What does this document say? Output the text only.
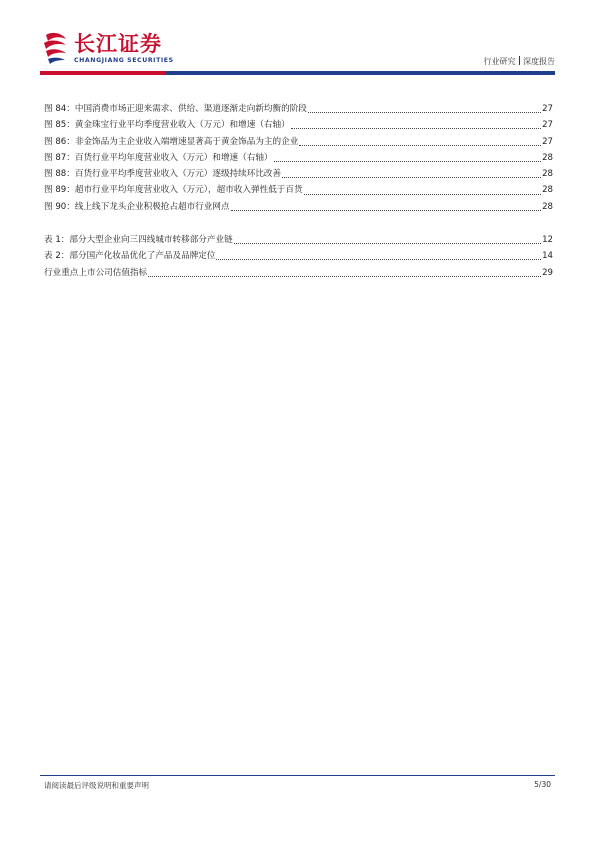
长江证券
CHANGJIANG SECURITIES	行业研究 深度报告
图 84：中国消费市场正迎来需求、供给、渠道逐渐走向新均衡的阶段	27
图 85：黄金珠宝行业平均季度营业收入（万元）和增速（右轴）	27
图 86：非金饰品为主企业收入端增速显著高于黄金饰品为主的企业	27
图 87：百货行业平均年度营业收入（万元）和增速（右轴）	28
图 88：百货行业平均季度营业收入（万元）逐级持续环比改善	28
图 89：超市行业平均年度营业收入（万元），超市收入弹性低于百货	28
图 90：线上线下龙头企业积极抢占超市行业网点	28
表 1：部分大型企业向三四线城市转移部分产业链	12
表 2：部分国产化妆品优化了产品及品牌定位	14
行业重点上市公司估值指标	29
请阅读最后评级说明和重要声明	5/30
